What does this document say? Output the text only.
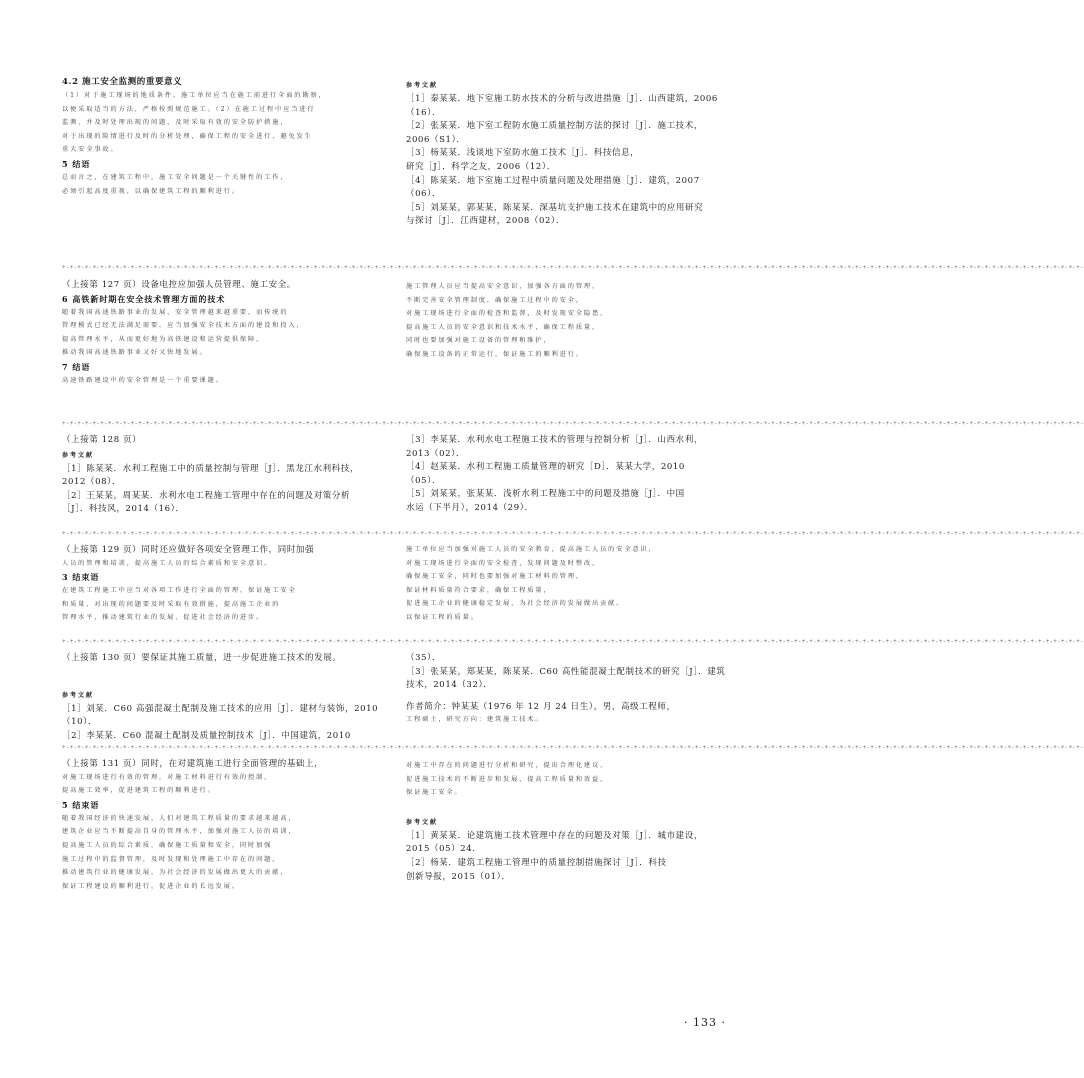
4.2 施工安全监测的重要意义
（1）对于施工现场的地质条件，施工单位应当在施工前进行全面的勘察，
以便采取适当的方法，严格按照规范施工。（2）在施工过程中应当进行
监测，并及时处理出现的问题，及时采取有效的安全防护措施，
对于出现的险情进行及时的分析处理，确保工程的安全进行，避免发生
重大安全事故。
5 结语
总而言之，在建筑工程中，施工安全问题是一个关键性的工作，
必须引起高度重视，以确保建筑工程的顺利进行。
参考文献
［1］秦某某．地下室施工防水技术的分析与改进措施［J］．山西建筑，2006
（16）．
［2］张某某．地下室工程防水施工质量控制方法的探讨［J］．施工技术，
2006（S1）．
［3］杨某某．浅谈地下室防水施工技术［J］．科技信息，
研究［J］．科学之友，2006（12）．
［4］陈某某．地下室施工过程中质量问题及处理措施［J］．建筑，2007
（06）．
［5］刘某某，郭某某，陈某某．深基坑支护施工技术在建筑中的应用研究
与探讨［J］．江西建材，2008（02）．
+-+-+-+-+-+-+-+-+-+-+-+-+-+-+-+-+-+-+-+-+-+-+-+-+-+-+-+-+-+-+-+-+-+-+-+-+-+-+-+-+-+-+-+-+-+-+-+-+-+-+-+-+-+-+-+-+-+-+-+-+-+-+-+-+-+-+-+-+-+-+-+-+-+-+-+-+-+-+-+-+-+-+-+-+-+-+-+-+-+-+-+-+-+-+-+-+-+-+-+-+-+-+-+-+-+-+-+-+-+-+-+-+-+-+-+-+-+-+-+-+-+-+-+-+-+-+-+-+-+-+-+-+-+-
（上接第 127 页）设备电控应加强人员管理、施工安全。
6 高铁新时期在安全技术管理方面的技术
随着我国高速铁路事业的发展，安全管理越来越重要，而传统的
管理模式已经无法满足需要，应当加强安全技术方面的建设和投入，
提高管理水平，从而更好地为高铁建设和运营提供保障，
推动我国高速铁路事业又好又快地发展。
7 结语
高速铁路建设中的安全管理是一个重要课题。
施工管理人员应当提高安全意识，加强各方面的管理，
不断完善安全管理制度，确保施工过程中的安全，
对施工现场进行全面的检查和监督，及时发现安全隐患，
提高施工人员的安全意识和技术水平，确保工程质量，
同时也要加强对施工设备的管理和维护，
确保施工设备的正常运行，保证施工的顺利进行。
+-+-+-+-+-+-+-+-+-+-+-+-+-+-+-+-+-+-+-+-+-+-+-+-+-+-+-+-+-+-+-+-+-+-+-+-+-+-+-+-+-+-+-+-+-+-+-+-+-+-+-+-+-+-+-+-+-+-+-+-+-+-+-+-+-+-+-+-+-+-+-+-+-+-+-+-+-+-+-+-+-+-+-+-+-+-+-+-+-+-+-+-+-+-+-+-+-+-+-+-+-+-+-+-+-+-+-+-+-+-+-+-+-+-+-+-+-+-+-+-+-+-+-+-+-+-+-+-+-+-+-+-+-+-
（上接第 128 页）
参考文献
［1］陈某某．水利工程施工中的质量控制与管理［J］．黑龙江水利科技，
2012（08）．
［2］王某某，周某某．水利水电工程施工管理中存在的问题及对策分析
［J］．科技风，2014（16）．
［3］李某某．水利水电工程施工技术的管理与控制分析［J］．山西水利，
2013（02）．
［4］赵某某．水利工程施工质量管理的研究［D］．某某大学，2010
（05）．
［5］刘某某，张某某．浅析水利工程施工中的问题及措施［J］．中国
水运（下半月），2014（29）．
+-+-+-+-+-+-+-+-+-+-+-+-+-+-+-+-+-+-+-+-+-+-+-+-+-+-+-+-+-+-+-+-+-+-+-+-+-+-+-+-+-+-+-+-+-+-+-+-+-+-+-+-+-+-+-+-+-+-+-+-+-+-+-+-+-+-+-+-+-+-+-+-+-+-+-+-+-+-+-+-+-+-+-+-+-+-+-+-+-+-+-+-+-+-+-+-+-+-+-+-+-+-+-+-+-+-+-+-+-+-+-+-+-+-+-+-+-+-+-+-+-+-+-+-+-+-+-+-+-+-+-+-+-+-
（上接第 129 页）同时还应做好各项安全管理工作，同时加强
人员的管理和培训，提高施工人员的综合素质和安全意识。
3 结束语
在建筑工程施工中应当对各项工作进行全面的管理，保证施工安全
和质量，对出现的问题要及时采取有效措施，提高施工企业的
管理水平，推动建筑行业的发展，促进社会经济的进步。
施工单位应当加强对施工人员的安全教育，提高施工人员的安全意识，
对施工现场进行全面的安全检查，发现问题及时整改，
确保施工安全，同时也要加强对施工材料的管理，
保证材料质量符合要求，确保工程质量，
促进施工企业的健康稳定发展，为社会经济的发展做出贡献。
以保证工程的质量。
+-+-+-+-+-+-+-+-+-+-+-+-+-+-+-+-+-+-+-+-+-+-+-+-+-+-+-+-+-+-+-+-+-+-+-+-+-+-+-+-+-+-+-+-+-+-+-+-+-+-+-+-+-+-+-+-+-+-+-+-+-+-+-+-+-+-+-+-+-+-+-+-+-+-+-+-+-+-+-+-+-+-+-+-+-+-+-+-+-+-+-+-+-+-+-+-+-+-+-+-+-+-+-+-+-+-+-+-+-+-+-+-+-+-+-+-+-+-+-+-+-+-+-+-+-+-+-+-+-+-+-+-+-+-
（上接第 130 页）要保证其施工质量，进一步促进施工技术的发展。
参考文献
［1］刘某．C60 高强混凝土配制及施工技术的应用［J］．建材与装饰，2010
（10）．
［2］李某某．C60 混凝土配制及质量控制技术［J］．中国建筑，2010
（35）．
［3］张某某，郑某某，陈某某．C60 高性能混凝土配制技术的研究［J］．建筑
技术，2014（32）．
作者简介：钟某某（1976 年 12 月 24 日生），男，高级工程师，
工程硕士，研究方向：建筑施工技术。
+-+-+-+-+-+-+-+-+-+-+-+-+-+-+-+-+-+-+-+-+-+-+-+-+-+-+-+-+-+-+-+-+-+-+-+-+-+-+-+-+-+-+-+-+-+-+-+-+-+-+-+-+-+-+-+-+-+-+-+-+-+-+-+-+-+-+-+-+-+-+-+-+-+-+-+-+-+-+-+-+-+-+-+-+-+-+-+-+-+-+-+-+-+-+-+-+-+-+-+-+-+-+-+-+-+-+-+-+-+-+-+-+-+-+-+-+-+-+-+-+-+-+-+-+-+-+-+-+-+-+-+-+-+-
（上接第 131 页）同时，在对建筑施工进行全面管理的基础上，
对施工现场进行有效的管理，对施工材料进行有效的控制，
提高施工效率，促进建筑工程的顺利进行。
5 结束语
随着我国经济的快速发展，人们对建筑工程质量的要求越来越高，
建筑企业应当不断提高自身的管理水平，加强对施工人员的培训，
提高施工人员的综合素质，确保施工质量和安全，同时加强
施工过程中的监督管理，及时发现和处理施工中存在的问题，
推动建筑行业的健康发展，为社会经济的发展做出更大的贡献，
保证工程建设的顺利进行，促进企业的长远发展。
对施工中存在的问题进行分析和研究，提出合理化建议，
促进施工技术的不断进步和发展，提高工程质量和效益，
保证施工安全。
参考文献
［1］黄某某．论建筑施工技术管理中存在的问题及对策［J］．城市建设，
2015（05）24．
［2］杨某．建筑工程施工管理中的质量控制措施探讨［J］．科技
创新导报，2015（01）．
· 133 ·
